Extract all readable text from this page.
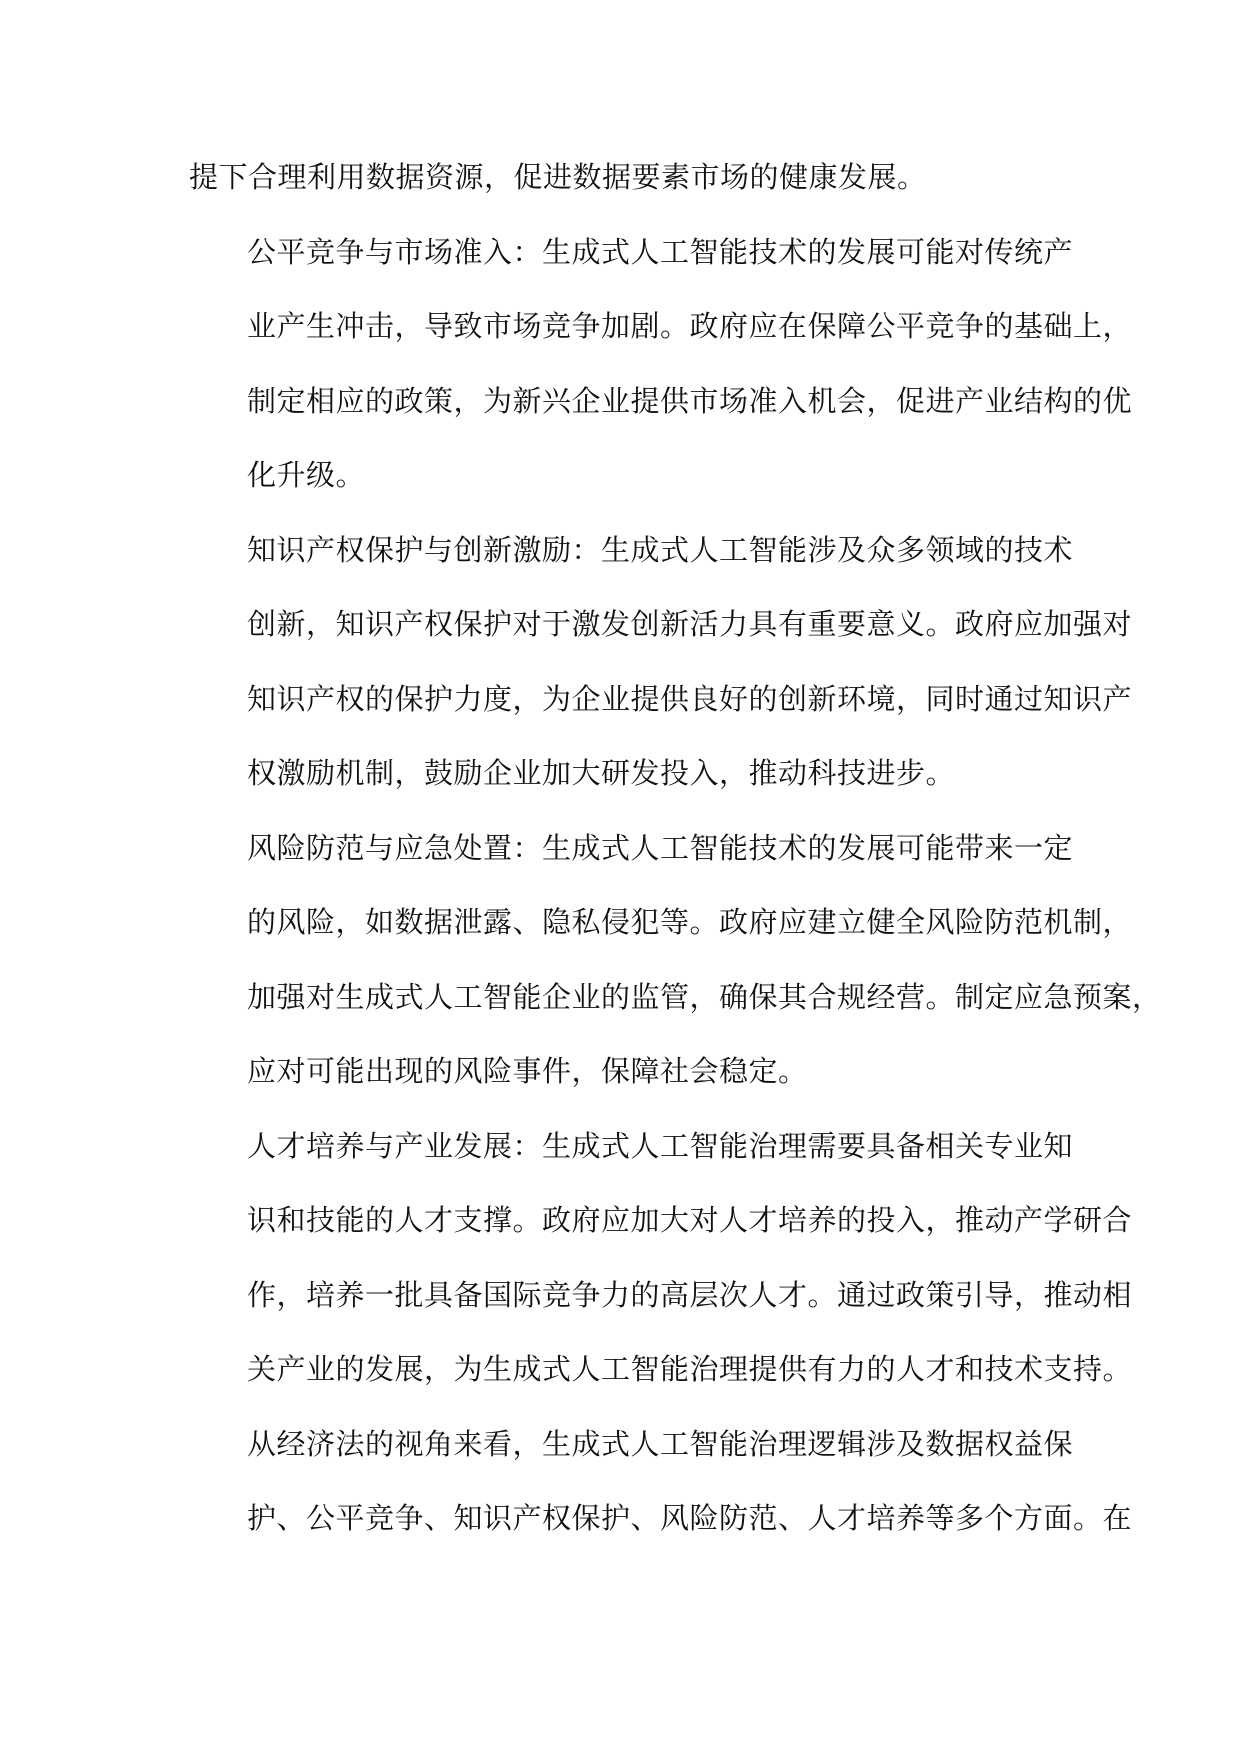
提下合理利用数据资源，促进数据要素市场的健康发展。

公平竞争与市场准入：生成式人工智能技术的发展可能对传统产
业产生冲击，导致市场竞争加剧。政府应在保障公平竞争的基础上，
制定相应的政策，为新兴企业提供市场准入机会，促进产业结构的优
化升级。

知识产权保护与创新激励：生成式人工智能涉及众多领域的技术
创新，知识产权保护对于激发创新活力具有重要意义。政府应加强对
知识产权的保护力度，为企业提供良好的创新环境，同时通过知识产
权激励机制，鼓励企业加大研发投入，推动科技进步。

风险防范与应急处置：生成式人工智能技术的发展可能带来一定
的风险，如数据泄露、隐私侵犯等。政府应建立健全风险防范机制，
加强对生成式人工智能企业的监管，确保其合规经营。制定应急预案，
应对可能出现的风险事件，保障社会稳定。

人才培养与产业发展：生成式人工智能治理需要具备相关专业知
识和技能的人才支撑。政府应加大对人才培养的投入，推动产学研合
作，培养一批具备国际竞争力的高层次人才。通过政策引导，推动相
关产业的发展，为生成式人工智能治理提供有力的人才和技术支持。

从经济法的视角来看，生成式人工智能治理逻辑涉及数据权益保
护、公平竞争、知识产权保护、风险防范、人才培养等多个方面。在
